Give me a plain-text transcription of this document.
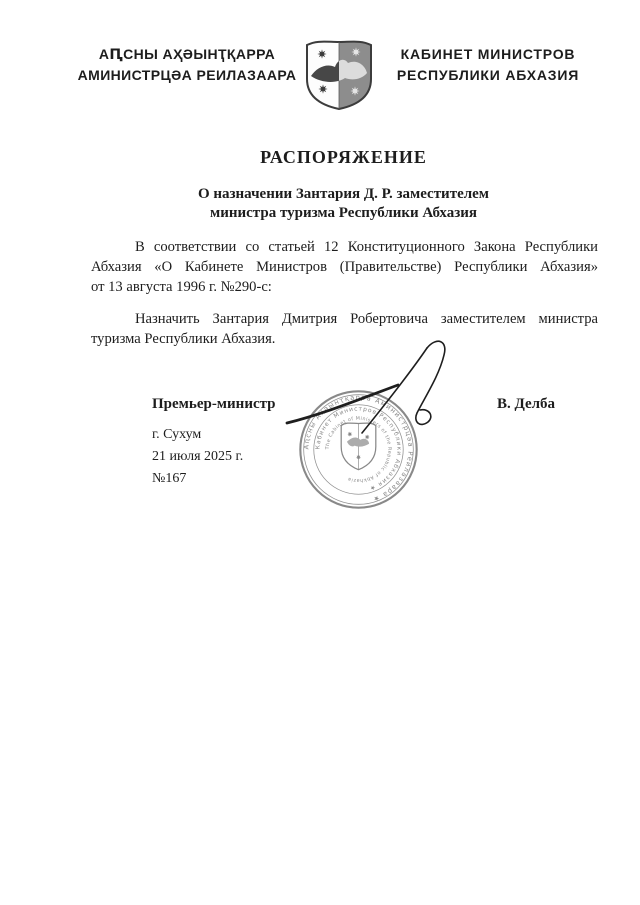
АԤСНЫ АҲӘЫНҬҚАРРА
АМИНИСТРЦӘА РЕИЛАЗААРА
КАБИНЕТ МИНИСТРОВ
РЕСПУБЛИКИ АБХАЗИЯ
РАСПОРЯЖЕНИЕ
О назначении Зантария Д. Р. заместителем
министра туризма Республики Абхазия
В соответствии со статьей 12 Конституционного Закона Республики
Абхазия «О Кабинете Министров (Правительстве) Республики Абхазия»
от 13 августа 1996 г. №290-с:
Назначить Зантария Дмитрия Робертовича заместителем министра
туризма Республики Абхазия.
Премьер-министр	В. Делба
г. Сухум
21 июля 2025 г.
№167
Аԥсны Аҳәынҭқарра Аминистрцәа Реилазаара ★
Кабинет Министров Республики Абхазия ★
The Cabinet of Ministers of the Republic of Abkhazia
